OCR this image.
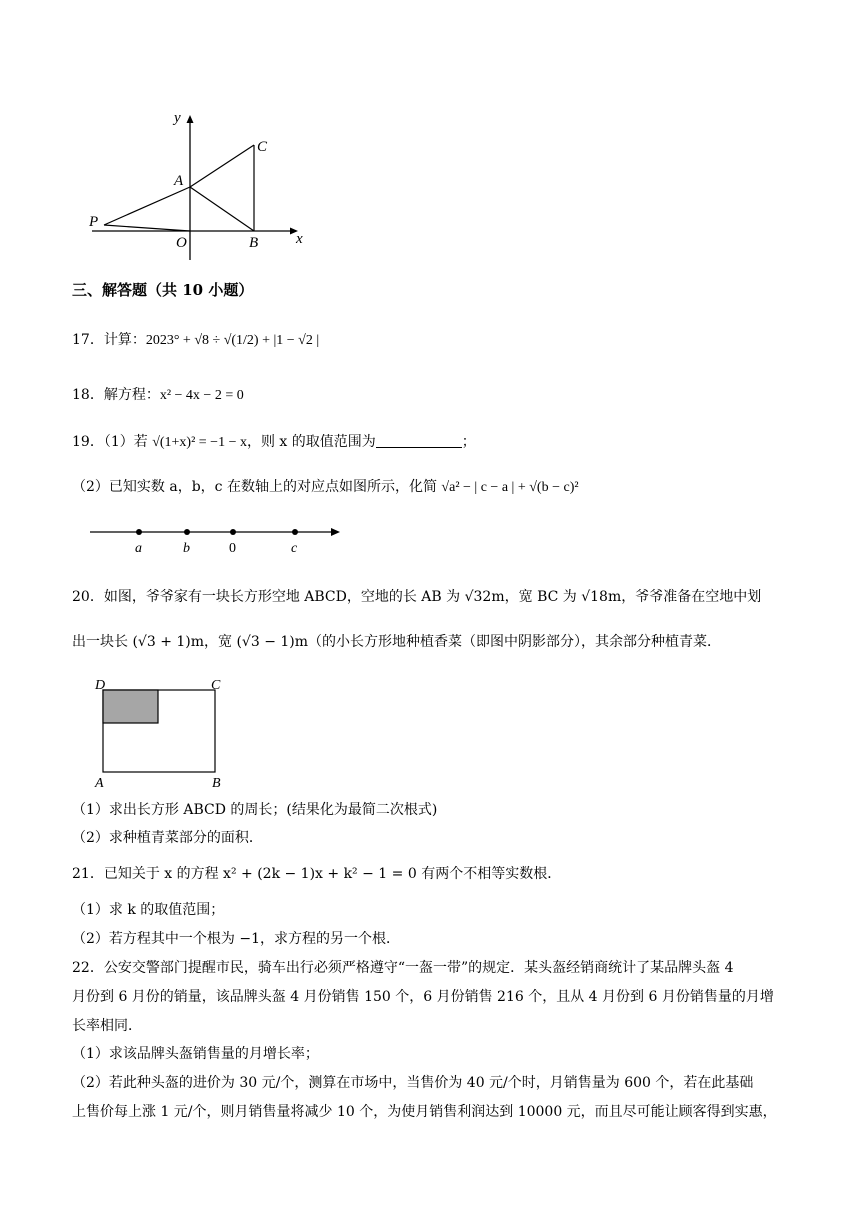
y
x
C
A
P
O	B
三、解答题（共 10 小题）
17．计算：2023° + √8 ÷ √(1/2) + |1 − √2 |
18．解方程：x² − 4x − 2 = 0
19．（1）若 √(1+x)² = −1 − x，则 x 的取值范围为	；
（2）已知实数 a，b，c 在数轴上的对应点如图所示，化简 √a² − | c − a | + √(b − c)²
a	b	0	c
20．如图，爷爷家有一块长方形空地 ABCD，空地的长 AB 为 √32m，宽 BC 为 √18m，爷爷准备在空地中划
出一块长 (√3 + 1)m，宽 (√3 − 1)m（的小长方形地种植香菜（即图中阴影部分），其余部分种植青菜．
D	C
A	B
（1）求出长方形 ABCD 的周长；(结果化为最简二次根式)
（2）求种植青菜部分的面积．
21．已知关于 x 的方程 x² + (2k − 1)x + k² − 1 = 0 有两个不相等实数根．
（1）求 k 的取值范围；
（2）若方程其中一个根为 −1，求方程的另一个根．
22．公安交警部门提醒市民，骑车出行必须严格遵守“一盔一带”的规定．某头盔经销商统计了某品牌头盔 4
月份到 6 月份的销量，该品牌头盔 4 月份销售 150 个，6 月份销售 216 个，且从 4 月份到 6 月份销售量的月增
长率相同．
（1）求该品牌头盔销售量的月增长率；
（2）若此种头盔的进价为 30 元/个，测算在市场中，当售价为 40 元/个时，月销售量为 600 个，若在此基础
上售价每上涨 1 元/个，则月销售量将减少 10 个，为使月销售利润达到 10000 元，而且尽可能让顾客得到实惠，
